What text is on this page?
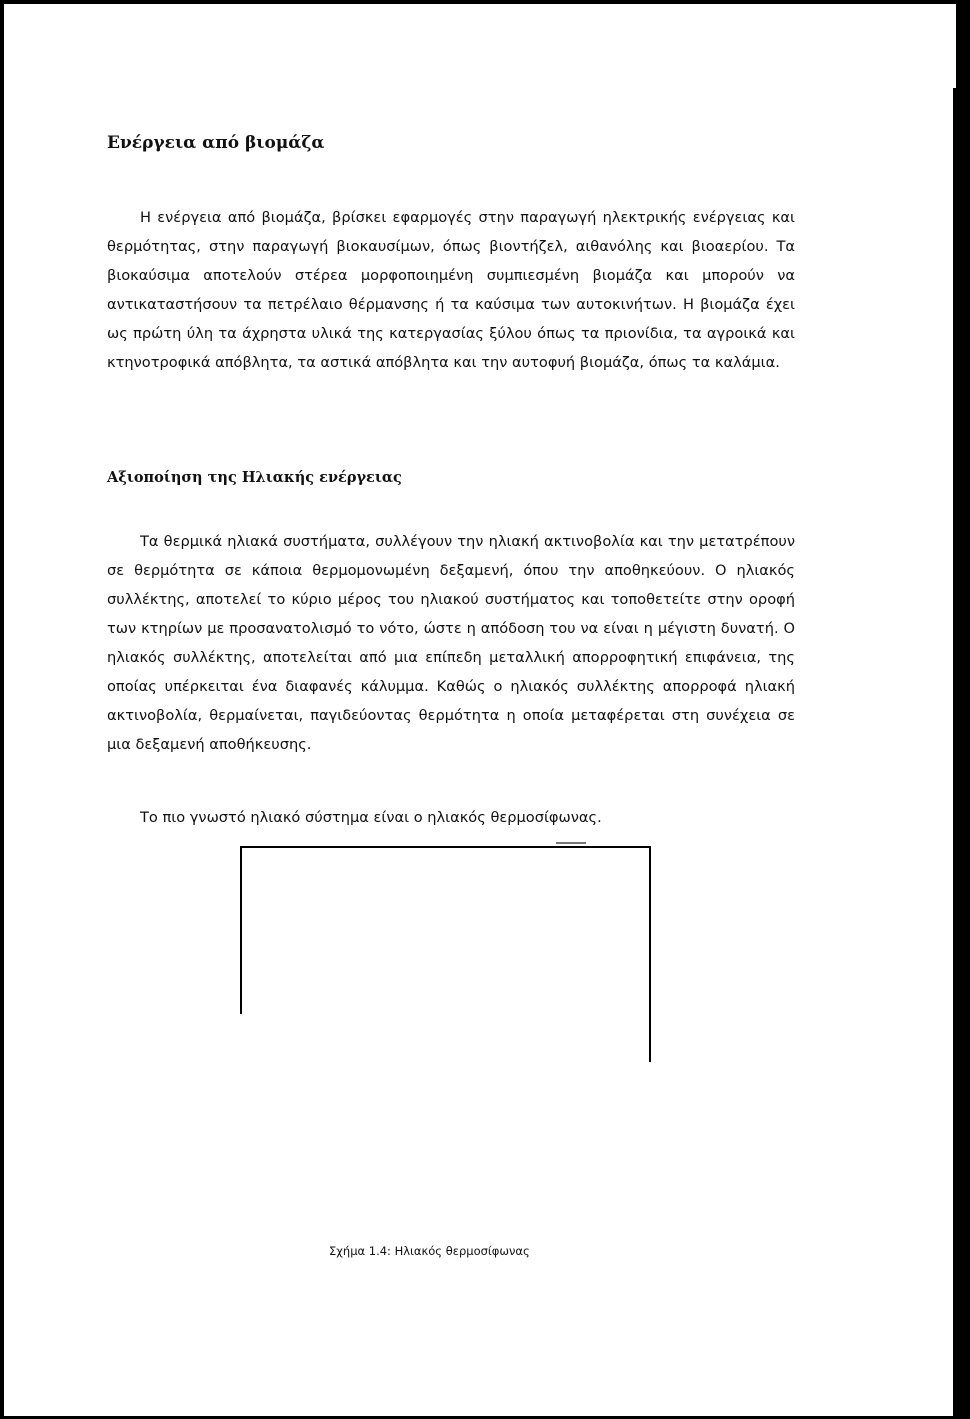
Ενέργεια από βιομάζα

Η ενέργεια από βιομάζα, βρίσκει εφαρμογές στην παραγωγή ηλεκτρικής ενέργειας και θερμότητας, στην παραγωγή βιοκαυσίμων, όπως βιοντήζελ, αιθανόλης και βιοαερίου. Τα βιοκαύσιμα αποτελούν στέρεα μορφοποιημένη συμπιεσμένη βιομάζα και μπορούν να αντικαταστήσουν τα πετρέλαιο θέρμανσης ή τα καύσιμα των αυτοκινήτων. Η βιομάζα έχει ως πρώτη ύλη τα άχρηστα υλικά της κατεργασίας ξύλου όπως τα πριονίδια, τα αγροικά και κτηνοτροφικά απόβλητα, τα αστικά απόβλητα και την αυτοφυή βιομάζα, όπως τα καλάμια.

Αξιοποίηση της Ηλιακής ενέργειας

Τα θερμικά ηλιακά συστήματα, συλλέγουν την ηλιακή ακτινοβολία και την μετατρέπουν σε θερμότητα σε κάποια θερμομονωμένη δεξαμενή, όπου την αποθηκεύουν. Ο ηλιακός συλλέκτης, αποτελεί το κύριο μέρος του ηλιακού συστήματος και τοποθετείτε στην οροφή των κτηρίων με προσανατολισμό το νότο, ώστε η απόδοση του να είναι η μέγιστη δυνατή. Ο ηλιακός συλλέκτης, αποτελείται από μια επίπεδη μεταλλική απορροφητική επιφάνεια, της οποίας υπέρκειται ένα διαφανές κάλυμμα. Καθώς ο ηλιακός συλλέκτης απορροφά ηλιακή ακτινοβολία, θερμαίνεται, παγιδεύοντας θερμότητα η οποία μεταφέρεται στη συνέχεια σε μια δεξαμενή αποθήκευσης.

Το πιο γνωστό ηλιακό σύστημα είναι ο ηλιακός θερμοσίφωνας.

Σχήμα 1.4: Ηλιακός θερμοσίφωνας
